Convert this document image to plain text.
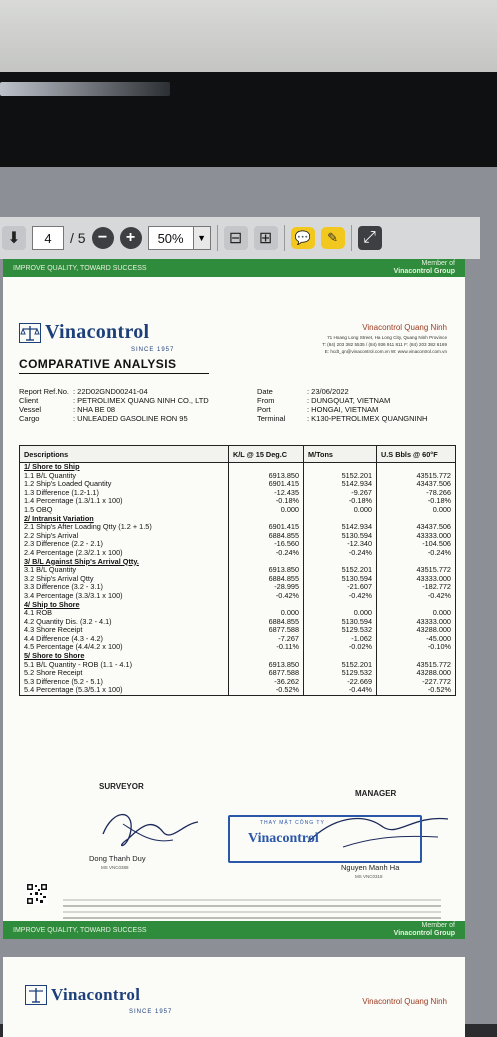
⬇	4	/ 5 −	+	50%	▼	⊟	⊞	💬	✎	⤢
IMPROVE QUALITY, TOWARD SUCCESS
Member of
Vinacontrol Group
Vinacontrol
SINCE 1957
COMPARATIVE ANALYSIS
Vinacontrol Quang Ninh
71 Hoang Long Street, Ha Long City, Quang Ninh Province
T: (84) 203 382 5535 / (84) 936 911 811 F: (84) 203 382 6169
E: hcdt_qn@vinacontrol.com.vn W: www.vinacontrol.com.vn
Report Ref.No. : 22D02GND00241-04
Client	: PETROLIMEX QUANG NINH CO., LTD
Vessel	: NHA BE 08
Cargo	: UNLEADED GASOLINE RON 95
Date	: 23/06/2022
From	: DUNGQUAT, VIETNAM
Port	: HONGAI, VIETNAM
Terminal	: K130-PETROLIMEX QUANGNINH
Descriptions	K/L @ 15 Deg.C	M/Tons	U.S Bbls @ 60°F
1/ Shore to Ship			
1.1 B/L Quantity	6913.850	5152.201	43515.772
1.2 Ship's Loaded Quantity	6901.415	5142.934	43437.506
1.3 Difference (1.2-1.1)	-12.435	-9.267	-78.266
1.4 Percentage (1.3/1.1 x 100)	-0.18%	-0.18%	-0.18%
1.5 OBQ	0.000	0.000	0.000
2/ Intransit Variation			
2.1 Ship's After Loading Qtty (1.2 + 1.5)	6901.415	5142.934	43437.506
2.2 Ship's Arrival	6884.855	5130.594	43333.000
2.3 Difference (2.2 - 2.1)	-16.560	-12.340	-104.506
2.4 Percentage (2.3/2.1 x 100)	-0.24%	-0.24%	-0.24%
3/ B/L Against Ship's Arrival Qtty.			
3.1 B/L Quantity	6913.850	5152.201	43515.772
3.2 Ship's Arrival Qtty	6884.855	5130.594	43333.000
3.3 Difference (3.2 - 3.1)	-28.995	-21.607	-182.772
3.4 Percentage (3.3/3.1 x 100)	-0.42%	-0.42%	-0.42%
4/ Ship to Shore			
4.1 ROB	0.000	0.000	0.000
4.2 Quantity Dis. (3.2 - 4.1)	6884.855	5130.594	43333.000
4.3 Shore Receipt	6877.588	5129.532	43288.000
4.4 Difference (4.3 - 4.2)	-7.267	-1.062	-45.000
4.5 Percentage (4.4/4.2 x 100)	-0.11%	-0.02%	-0.10%
5/ Shore to Shore			
5.1 B/L Quantity - ROB (1.1 - 4.1)	6913.850	5152.201	43515.772
5.2 Shore Receipt	6877.588	5129.532	43288.000
5.3 Difference (5.2 - 5.1)	-36.262	-22.669	-227.772
5.4 Percentage (5.3/5.1 x 100)	-0.52%	-0.44%	-0.52%
SURVEYOR
MANAGER
Dong Thanh Duy
MS VNC0388	Nguyen Manh Ha
MS VNC0318
IMPROVE QUALITY, TOWARD SUCCESS
Member of
Vinacontrol Group
THAY MẶT CÔNG TY
Vinacontrol
Vinacontrol
SINCE 1957
Vinacontrol Quang Ninh
